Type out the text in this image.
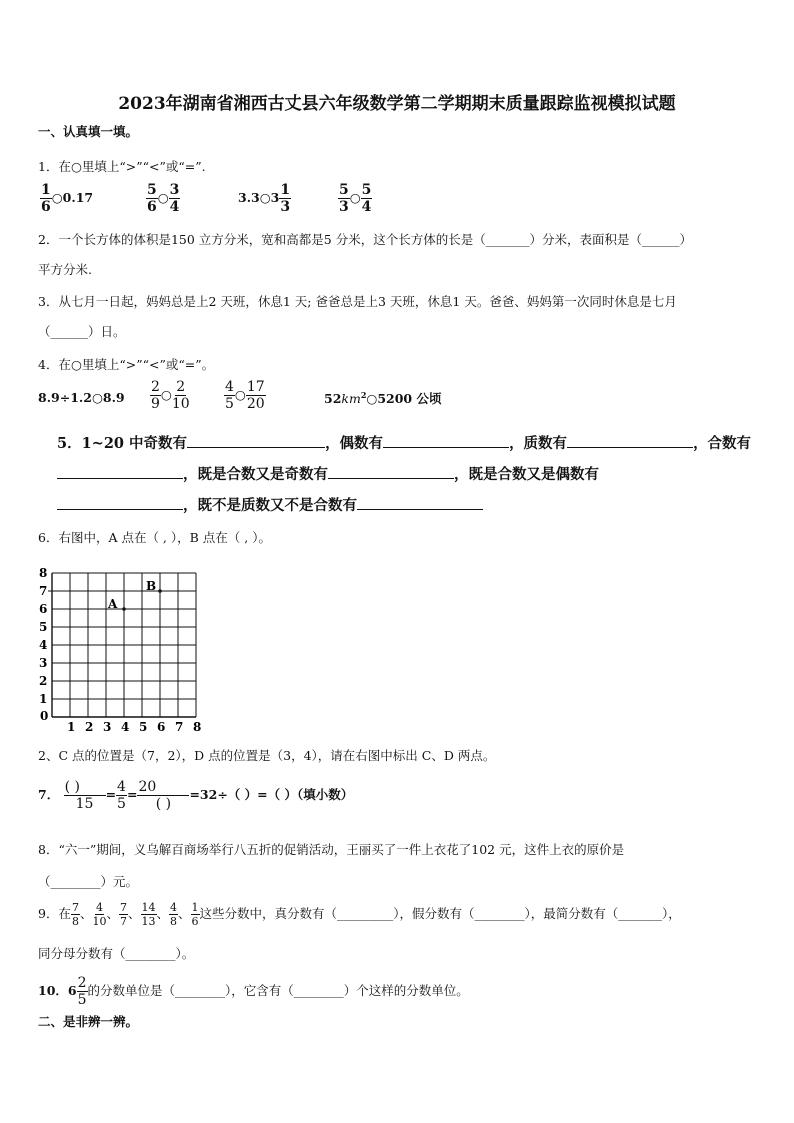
2023年湖南省湘西古丈县六年级数学第二学期期末质量跟踪监视模拟试题
一、认真填一填。
1．在○里填上“>”“<”或“=”.
$\frac{1}{6}$ ○0.17	$\frac{5}{6}$ ○ $\frac{3}{4}$	3.3○3 $\frac{1}{3}$	$\frac{5}{3}$ ○ $\frac{5}{4}$
2．一个长方体的体积是150 立方分米，宽和高都是5 分米，这个长方体的长是（_______）分米，表面积是（______）
平方分米.
3．从七月一日起，妈妈总是上2 天班，休息1 天; 爸爸总是上3 天班，休息1 天。爸爸、妈妈第一次同时休息是七月
（______）日。
4．在○里填上“>”“<”或“=”。
8.9÷1.2○8.9 $\frac{2}{9}$ ○ $\frac{2}{10} \frac{4}{5}$ ○ $\frac{17}{20}$	$52km^2○5200$ 公顷
5．1~20 中奇数有	，偶数有	，质数有	，合数有
，既是合数又是奇数有	，既是合数又是偶数有
，既不是质数又不是合数有
6．右图中，A 点在（ , ），B 点在（ , ）。
0
1 2 3 4 5 6 7 8
1
2
3
4
5
6
7
8
A
B
2、C 点的位置是（7，2），D 点的位置是（3，4），请在右图中标出 C、D 两点。
7． $\frac{( )}{15} = \frac{4}{5} = \frac{20}{( )} =32\div$（ ）=（ ）（填小数）
8．“六一”期间，义乌解百商场举行八五折的促销活动，王丽买了一件上衣花了102 元，这件上衣的原价是
（________）元。
9．在 $\frac{7}{8}$ 、 $\frac{4}{10}$ 、 $\frac{7}{7}$ 、 $\frac{14}{13}$ 、 $\frac{4}{8}$ 、 $\frac{1}{6}$ 这些分数中，真分数有（_________），假分数有（________），最简分数有（_______），
同分母分数有（________）。
10．$6 \frac{2}{5}$ 的分数单位是（________），它含有（________）个这样的分数单位。
二、是非辨一辨。
